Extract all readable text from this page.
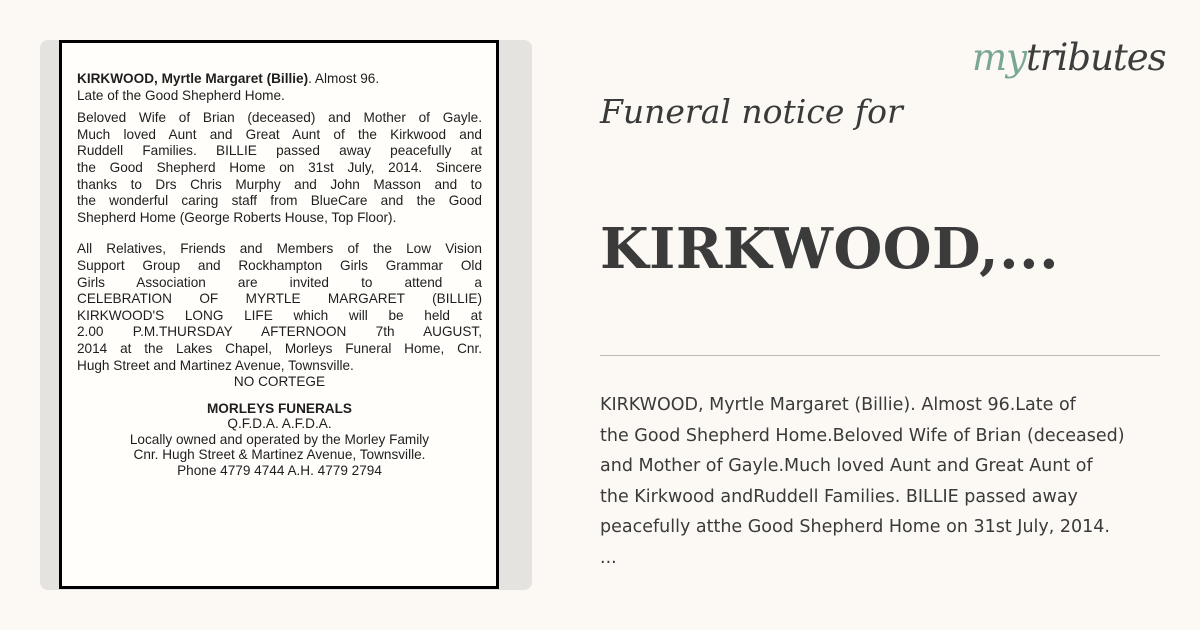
KIRKWOOD, Myrtle Margaret (Billie). Almost 96.

Late of the Good Shepherd Home.

Beloved Wife of Brian (deceased) and Mother of Gayle.

Much loved Aunt and Great Aunt of the Kirkwood and

Ruddell Families. BILLIE passed away peacefully at

the Good Shepherd Home on 31st July, 2014. Sincere

thanks to Drs Chris Murphy and John Masson and to

the wonderful caring staff from BlueCare and the Good

Shepherd Home (George Roberts House, Top Floor).

All Relatives, Friends and Members of the Low Vision

Support Group and Rockhampton Girls Grammar Old

Girls Association are invited to attend a

CELEBRATION OF MYRTLE MARGARET (BILLIE)

KIRKWOOD'S LONG LIFE which will be held at

2.00 P.M.THURSDAY AFTERNOON 7th AUGUST,

2014 at the Lakes Chapel, Morleys Funeral Home, Cnr.

Hugh Street and Martinez Avenue, Townsville.

NO CORTEGE

MORLEYS FUNERALS

Q.F.D.A. A.F.D.A.

Locally owned and operated by the Morley Family

Cnr. Hugh Street & Martinez Avenue, Townsville.

Phone 4779 4744 A.H. 4779 2794

mytributes
Funeral notice for
KIRKWOOD,...
KIRKWOOD, Myrtle Margaret (Billie). Almost 96.Late of
the Good Shepherd Home.Beloved Wife of Brian (deceased)
and Mother of Gayle.Much loved Aunt and Great Aunt of
the Kirkwood andRuddell Families. BILLIE passed away
peacefully atthe Good Shepherd Home on 31st July, 2014.
...
